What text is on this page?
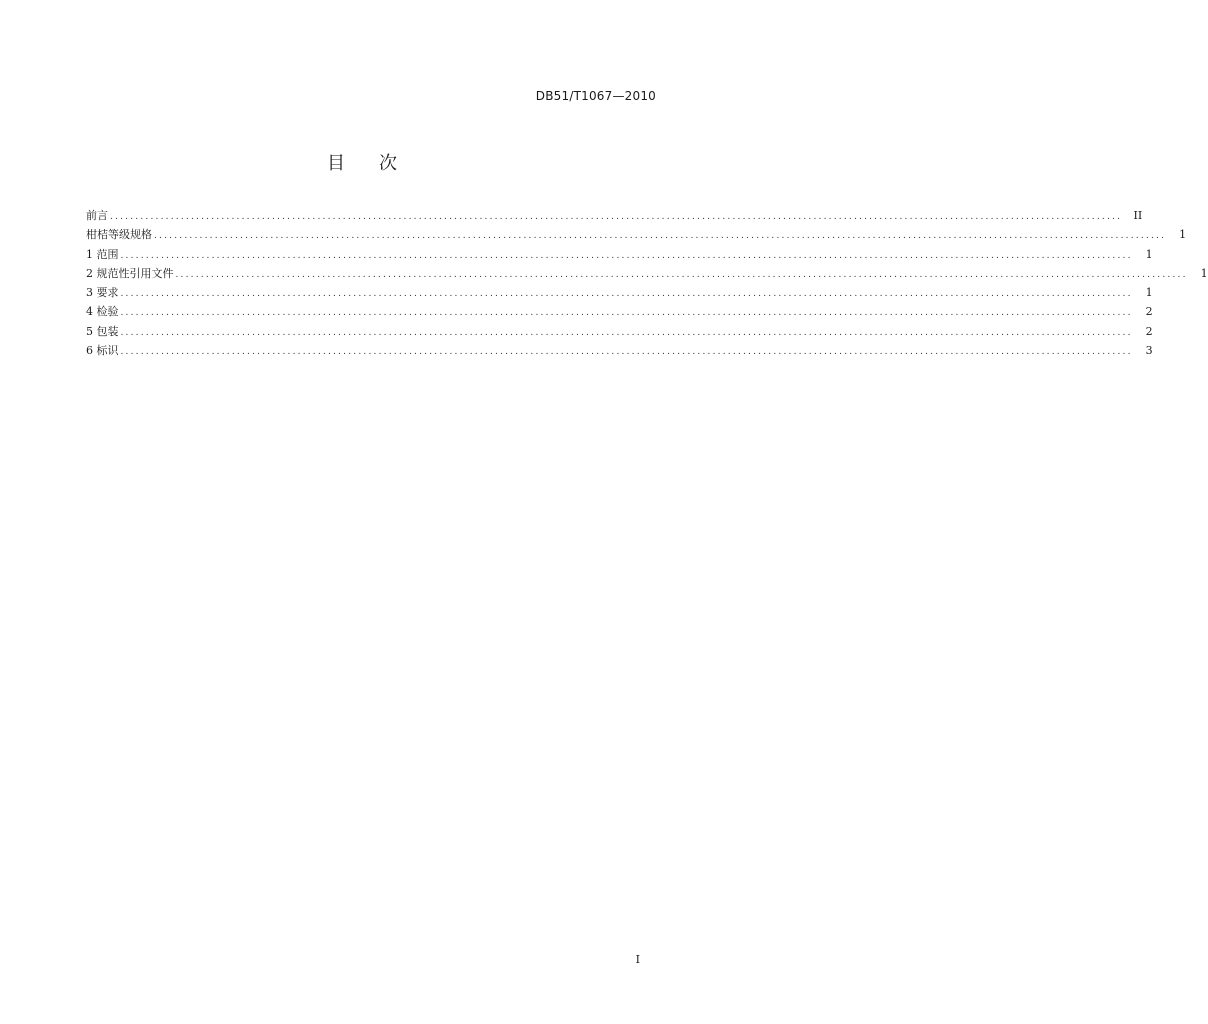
DB51/T1067—2010
目次
前言 ........................................................................................................................................................................................................	II
柑桔等级规格 ........................................................................................................................................................................................................	1
1 范围 ........................................................................................................................................................................................................	1
2 规范性引用文件 ........................................................................................................................................................................................................	1
3 要求 ........................................................................................................................................................................................................	1
4 检验 ........................................................................................................................................................................................................	2
5 包装 ........................................................................................................................................................................................................	2
6 标识 ........................................................................................................................................................................................................	3
I
